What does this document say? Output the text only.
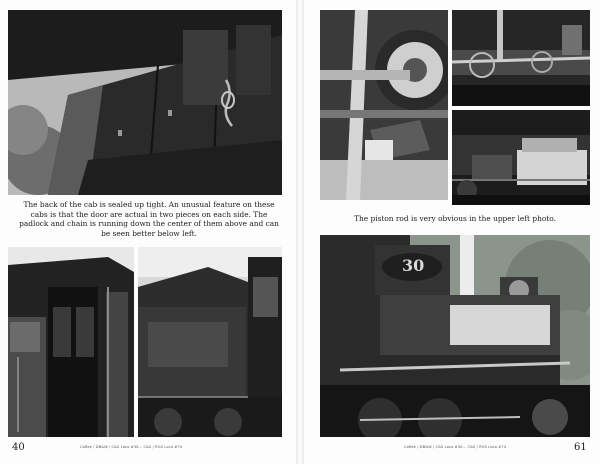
The back of the cab is sealed up tight. An unusual feature on these cabs is that the door are actual in two pieces on each side. The padlock and chain is running down the center of them above and can be seen better below left.

40	CaRee / DB&W / C&S Loco #30... C&S / RGS Loco #74

The piston rod is very obvious in the upper left photo.

30
CaRee / DB&W / C&S Loco #30... C&S / RGS Loco #74	61
